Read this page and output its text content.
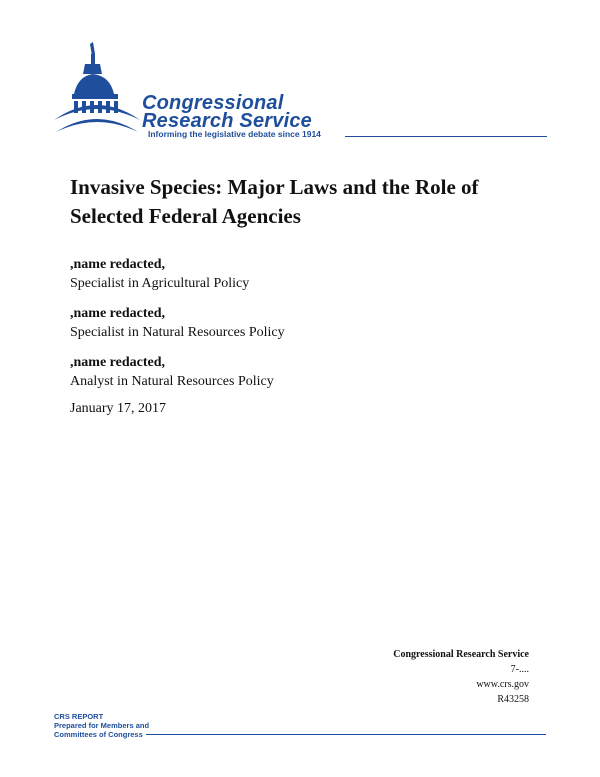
Congressional
Research Service
Informing the legislative debate since 1914
Invasive Species: Major Laws and the Role of Selected Federal Agencies
,name redacted,
Specialist in Agricultural Policy
,name redacted,
Specialist in Natural Resources Policy
,name redacted,
Analyst in Natural Resources Policy
January 17, 2017
Congressional Research Service
7-....
www.crs.gov
R43258
CRS REPORT
Prepared for Members and
Committees of Congress
